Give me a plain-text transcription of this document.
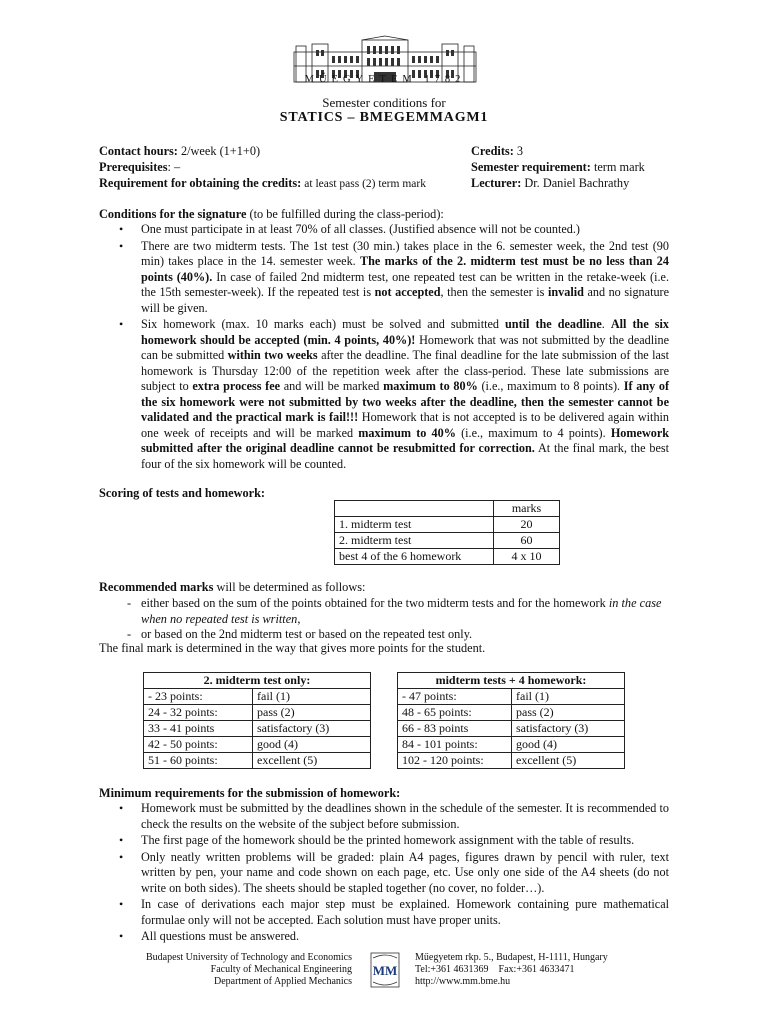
MŰEGYETEM 1782
Semester conditions for
STATICS – BMEGEMMAGM1
Contact hours: 2/week (1+1+0)
Prerequisites: –
Requirement for obtaining the credits: at least pass (2) term mark
Credits: 3
Semester requirement: term mark
Lecturer: Dr. Daniel Bachrathy
Conditions for the signature (to be fulfilled during the class-period):
• One must participate in at least 70% of all classes. (Justified absence will not be counted.)
• There are two midterm tests. The 1st test (30 min.) takes place in the 6. semester week, the 2nd test (90 min) takes place in the 14. semester week. The marks of the 2. midterm test must be no less than 24 points (40%). In case of failed 2nd midterm test, one repeated test can be written in the retake-week (i.e. the 15th semester-week). If the repeated test is not accepted, then the semester is invalid and no signature will be given.
• Six homework (max. 10 marks each) must be solved and submitted until the deadline. All the six homework should be accepted (min. 4 points, 40%)! Homework that was not submitted by the deadline can be submitted within two weeks after the deadline. The final deadline for the late submission of the last homework is Thursday 12:00 of the repetition week after the class-period. These late submissions are subject to extra process fee and will be marked maximum to 80% (i.e., maximum to 8 points). If any of the six homework were not submitted by two weeks after the deadline, then the semester cannot be validated and the practical mark is fail!!! Homework that is not accepted is to be delivered again within one week of receipts and will be marked maximum to 40% (i.e., maximum to 4 points). Homework submitted after the original deadline cannot be resubmitted for correction. At the final mark, the best four of the six homework will be counted.
Scoring of tests and homework:
	marks
1. midterm test	20
2. midterm test	60
best 4 of the 6 homework	4 x 10
Recommended marks will be determined as follows:
- either based on the sum of the points obtained for the two midterm tests and for the homework in the case when no repeated test is written,
- or based on the 2nd midterm test or based on the repeated test only.
The final mark is determined in the way that gives more points for the student.
2. midterm test only:	
- 23 points:	fail (1)
24 - 32 points:	pass (2)
33 - 41 points	satisfactory (3)
42 - 50 points:	good (4)
51 - 60 points:	excellent (5)
midterm tests + 4 homework:	
- 47 points:	fail (1)
48 - 65 points:	pass (2)
66 - 83 points	satisfactory (3)
84 - 101 points:	good (4)
102 - 120 points:	excellent (5)
Minimum requirements for the submission of homework:
• Homework must be submitted by the deadlines shown in the schedule of the semester. It is recommended to check the results on the website of the subject before submission.
• The first page of the homework should be the printed homework assignment with the table of results.
• Only neatly written problems will be graded: plain A4 pages, figures drawn by pencil with ruler, text written by pen, your name and code shown on each page, etc. Use only one side of the A4 sheets (do not write on both sides). The sheets should be stapled together (no cover, no folder…).
• In case of derivations each major step must be explained. Homework containing pure mathematical formulae only will not be accepted. Each solution must have proper units.
• All questions must be answered.
Budapest University of Technology and Economics
Faculty of Mechanical Engineering
Department of Applied Mechanics
MM
Műegyetem rkp. 5., Budapest, H-1111, Hungary
Tel:+361 4631369    Fax:+361 4633471
http://www.mm.bme.hu
